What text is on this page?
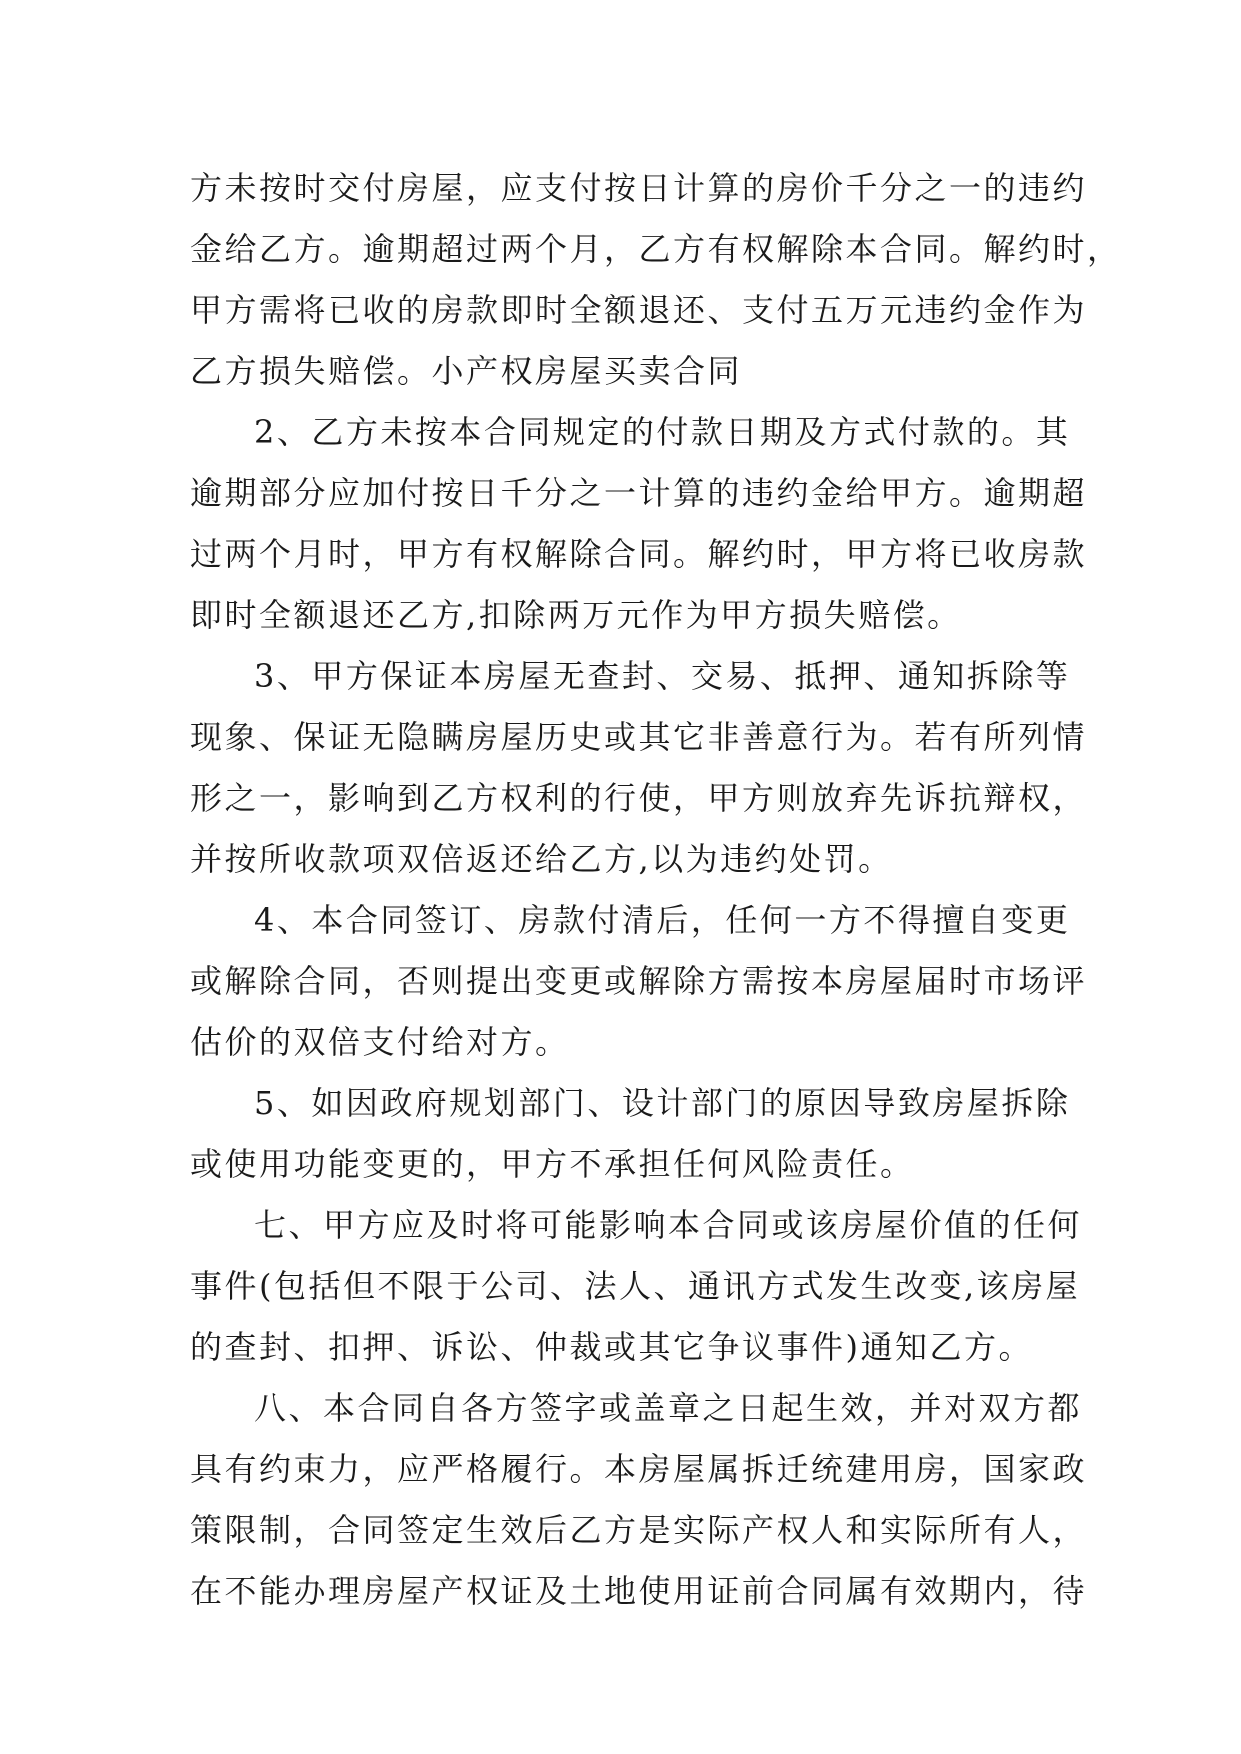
方未按时交付房屋，应支付按日计算的房价千分之一的违约
金给乙方。逾期超过两个月，乙方有权解除本合同。解约时，
甲方需将已收的房款即时全额退还、支付五万元违约金作为
乙方损失赔偿。小产权房屋买卖合同
2、乙方未按本合同规定的付款日期及方式付款的。其
逾期部分应加付按日千分之一计算的违约金给甲方。逾期超
过两个月时，甲方有权解除合同。解约时，甲方将已收房款
即时全额退还乙方,扣除两万元作为甲方损失赔偿。
3、甲方保证本房屋无查封、交易、抵押、通知拆除等
现象、保证无隐瞒房屋历史或其它非善意行为。若有所列情
形之一，影响到乙方权利的行使，甲方则放弃先诉抗辩权，
并按所收款项双倍返还给乙方,以为违约处罚。
4、本合同签订、房款付清后，任何一方不得擅自变更
或解除合同，否则提出变更或解除方需按本房屋届时市场评
估价的双倍支付给对方。
5、如因政府规划部门、设计部门的原因导致房屋拆除
或使用功能变更的，甲方不承担任何风险责任。
七、甲方应及时将可能影响本合同或该房屋价值的任何
事件(包括但不限于公司、法人、通讯方式发生改变,该房屋
的查封、扣押、诉讼、仲裁或其它争议事件)通知乙方。
八、本合同自各方签字或盖章之日起生效，并对双方都
具有约束力，应严格履行。本房屋属拆迁统建用房，国家政
策限制，合同签定生效后乙方是实际产权人和实际所有人，
在不能办理房屋产权证及土地使用证前合同属有效期内，待
